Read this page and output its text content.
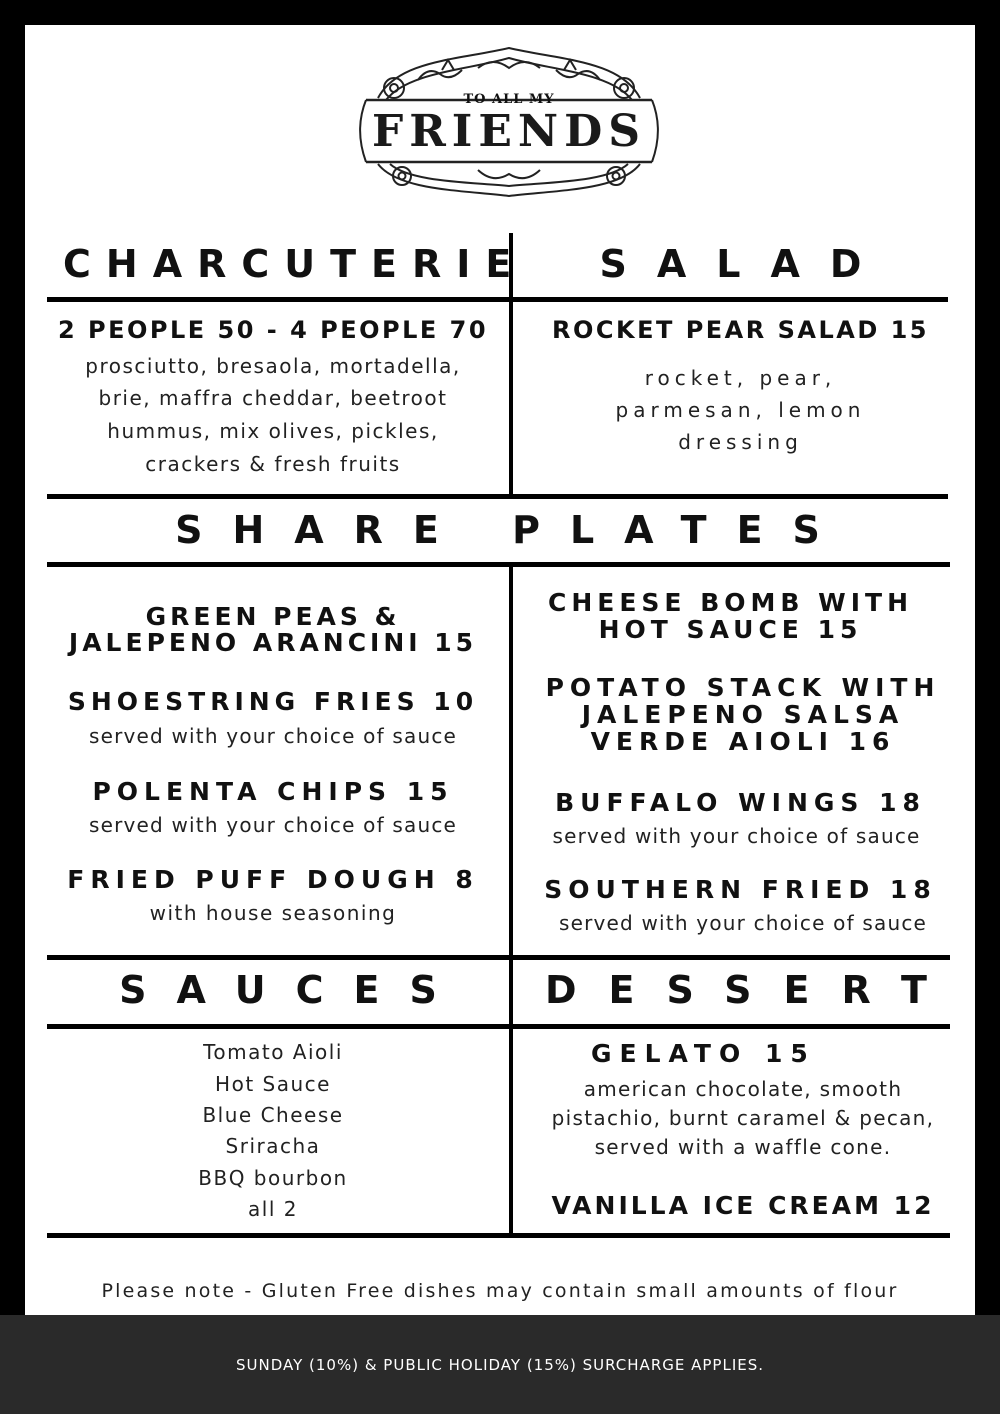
TO ALL MY
FRIENDS
CHARCUTERIE	SALAD
2 PEOPLE 50 - 4 PEOPLE 70
prosciutto, bresaola, mortadella,
brie, maffra cheddar, beetroot
hummus, mix olives, pickles,
crackers & fresh fruits
ROCKET PEAR SALAD 15
rocket, pear,
parmesan, lemon
dressing
SHARE PLATES
GREEN PEAS &
JALEPENO ARANCINI 15
SHOESTRING FRIES 10
served with your choice of sauce
POLENTA CHIPS 15
served with your choice of sauce
FRIED PUFF DOUGH 8
with house seasoning
CHEESE BOMB WITH
HOT SAUCE 15
POTATO STACK WITH
JALEPENO SALSA
VERDE AIOLI 16
BUFFALO WINGS 18
served with your choice of sauce
SOUTHERN FRIED 18
served with your choice of sauce
SAUCES	DESSERT
Tomato Aioli
Hot Sauce
Blue Cheese
Sriracha
BBQ bourbon
all 2
GELATO 15
american chocolate, smooth
pistachio, burnt caramel & pecan,
served with a waffle cone.
VANILLA ICE CREAM 12
Please note - Gluten Free dishes may contain small amounts of flour
SUNDAY (10%) & PUBLIC HOLIDAY (15%) SURCHARGE APPLIES.
